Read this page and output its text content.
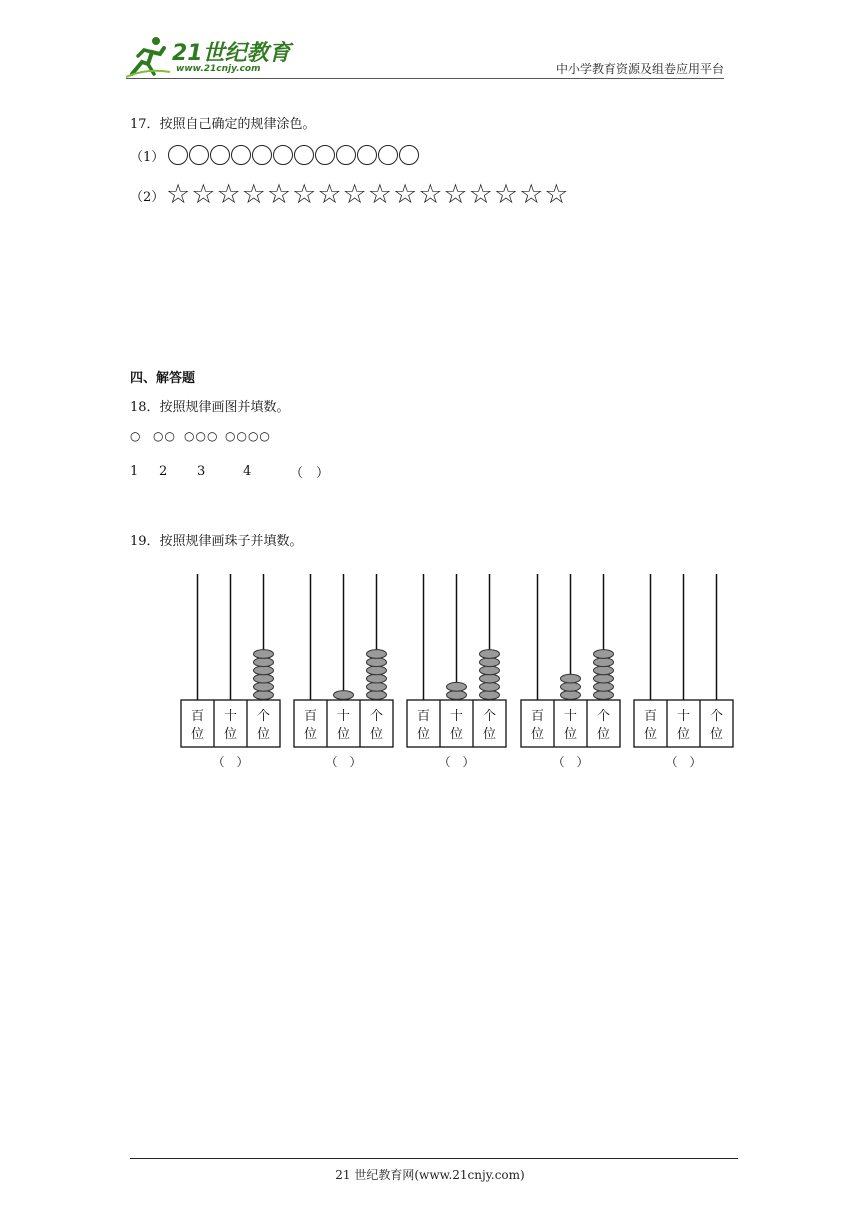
21世纪教育
www.21cnjy.com	中小学教育资源及组卷应用平台
17．按照自己确定的规律涂色。
（1）
（2） ☆☆☆☆☆☆☆☆☆☆☆☆☆☆☆☆
四、解答题
18．按照规律画图并填数。
○ ○○ ○○○ ○○○○
1 2 3	4	（　）
19．按照规律画珠子并填数。
百
位
十
位
个
位
（　）
百
位
十
位
个
位
（　）
百
位
十
位
个
位
（　）
百
位
十
位
个
位
（　）
百
位
十
位
个
位
（　）
21 世纪教育网(www.21cnjy.com)
